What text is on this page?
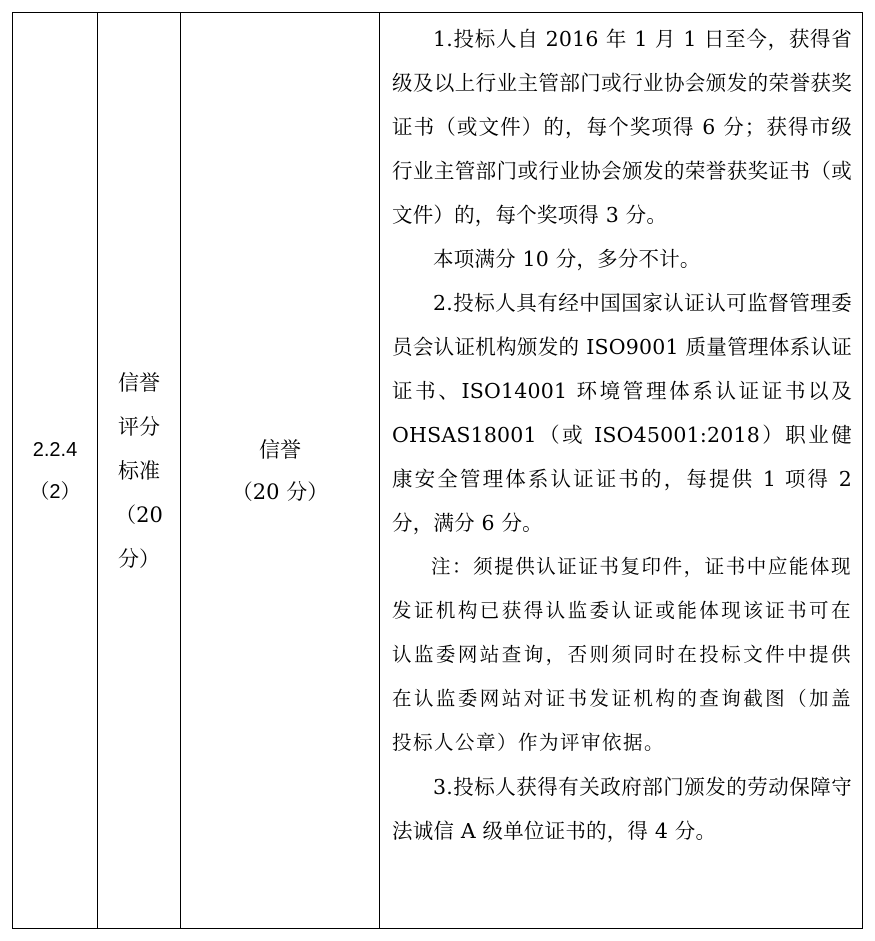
2.2.4
（2）
信誉
评分
标准
（20
分）
信誉
（20 分）

1.投标人自 2016 年 1 月 1 日至今，获得省级及以上行业主管部门或行业协会颁发的荣誉获奖证书（或文件）的，每个奖项得 6 分；获得市级行业主管部门或行业协会颁发的荣誉获奖证书（或文件）的，每个奖项得 3 分。

本项满分 10 分，多分不计。

2.投标人具有经中国国家认证认可监督管理委员会认证机构颁发的 ISO9001 质量管理体系认证证书、ISO14001 环境管理体系认证证书以及 OHSAS18001（或 ISO45001:2018）职业健康安全管理体系认证证书的，每提供 1 项得 2 分，满分 6 分。

注：须提供认证证书复印件，证书中应能体现发证机构已获得认监委认证或能体现该证书可在认监委网站查询，否则须同时在投标文件中提供在认监委网站对证书发证机构的查询截图（加盖投标人公章）作为评审依据。

3.投标人获得有关政府部门颁发的劳动保障守法诚信 A 级单位证书的，得 4 分。
